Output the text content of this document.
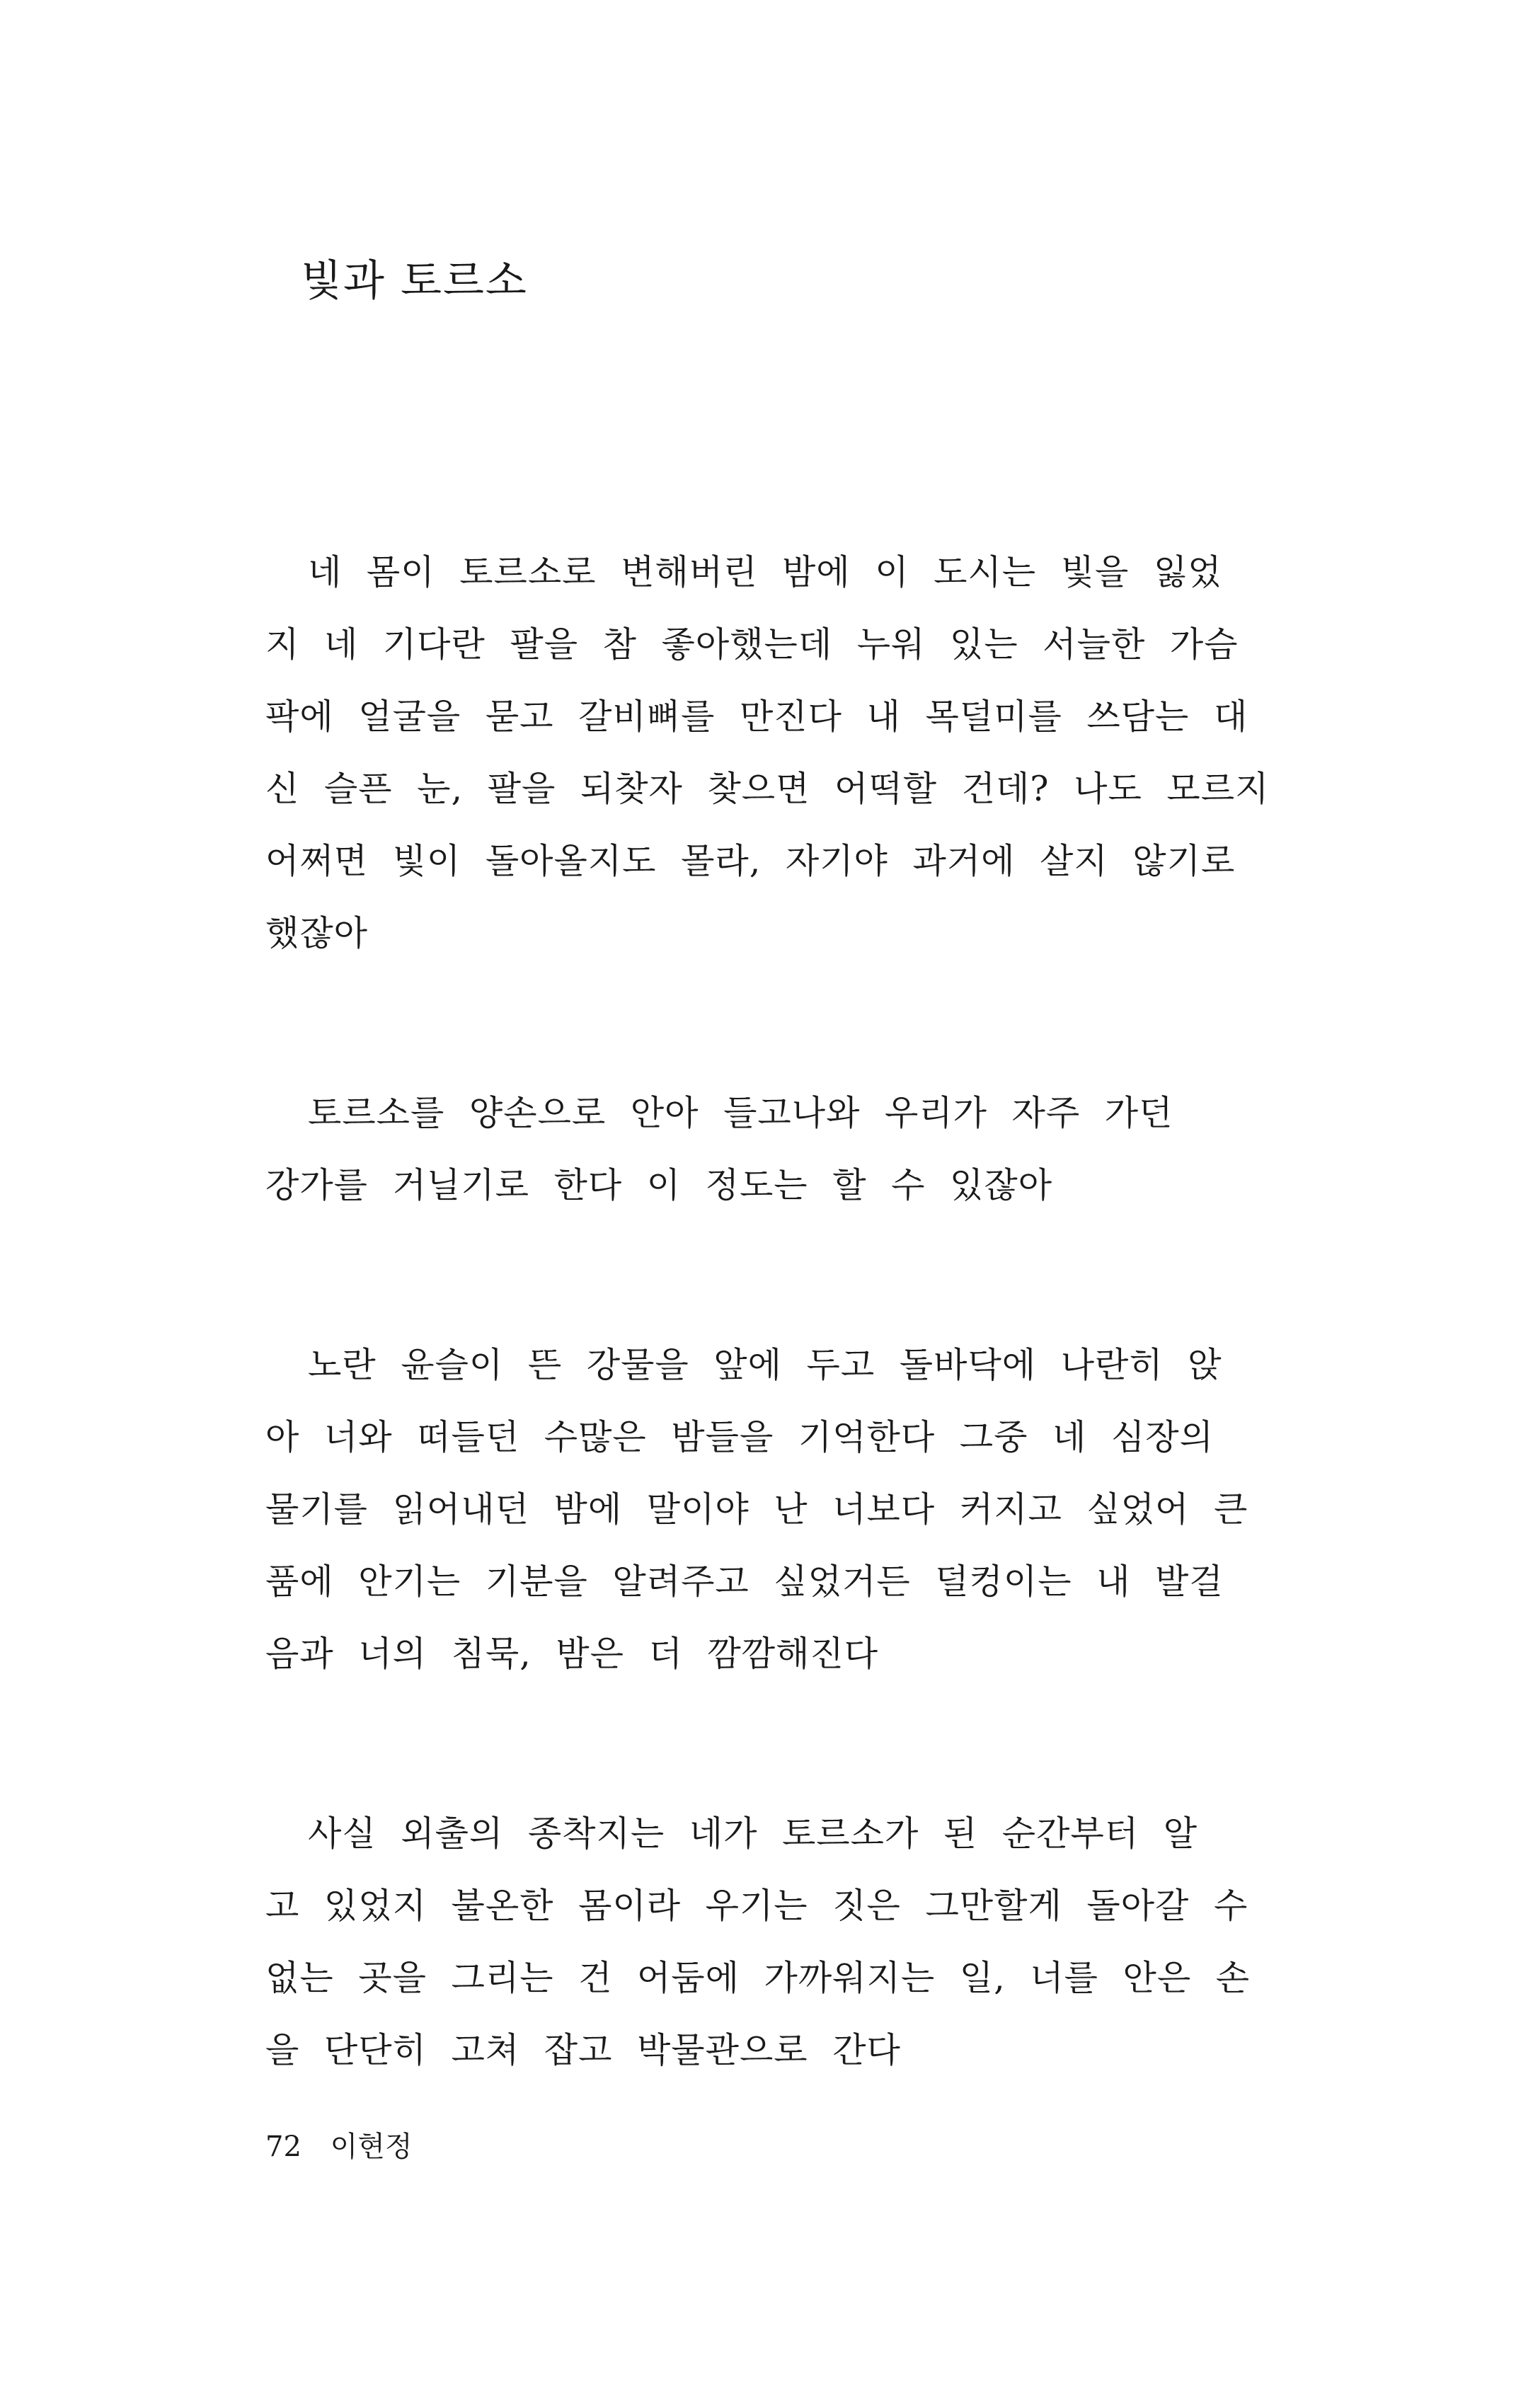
빛과 토르소

네 몸이 토르소로 변해버린 밤에 이 도시는 빛을 잃었
지 네 기다란 팔을 참 좋아했는데 누워 있는 서늘한 가슴
팍에 얼굴을 묻고 갈비뼈를 만진다 내 목덜미를 쓰담는 대
신 슬픈 눈, 팔을 되찾자 찾으면 어떡할 건데? 나도 모르지
어쩌면 빛이 돌아올지도 몰라, 자기야 과거에 살지 않기로
했잖아

토르소를 양손으로 안아 들고나와 우리가 자주 가던
강가를 거닐기로 한다 이 정도는 할 수 있잖아

노란 윤슬이 뜬 강물을 앞에 두고 돌바닥에 나란히 앉
아 너와 떠들던 수많은 밤들을 기억한다 그중 네 심장의
물기를 읽어내던 밤에 말이야 난 너보다 커지고 싶었어 큰
품에 안기는 기분을 알려주고 싶었거든 덜컹이는 내 발걸
음과 너의 침묵, 밤은 더 깜깜해진다

사실 외출의 종착지는 네가 토르소가 된 순간부터 알
고 있었지 불온한 몸이라 우기는 짓은 그만할게 돌아갈 수
없는 곳을 그리는 건 어둠에 가까워지는 일, 너를 안은 손
을 단단히 고쳐 잡고 박물관으로 간다

72 이현정
